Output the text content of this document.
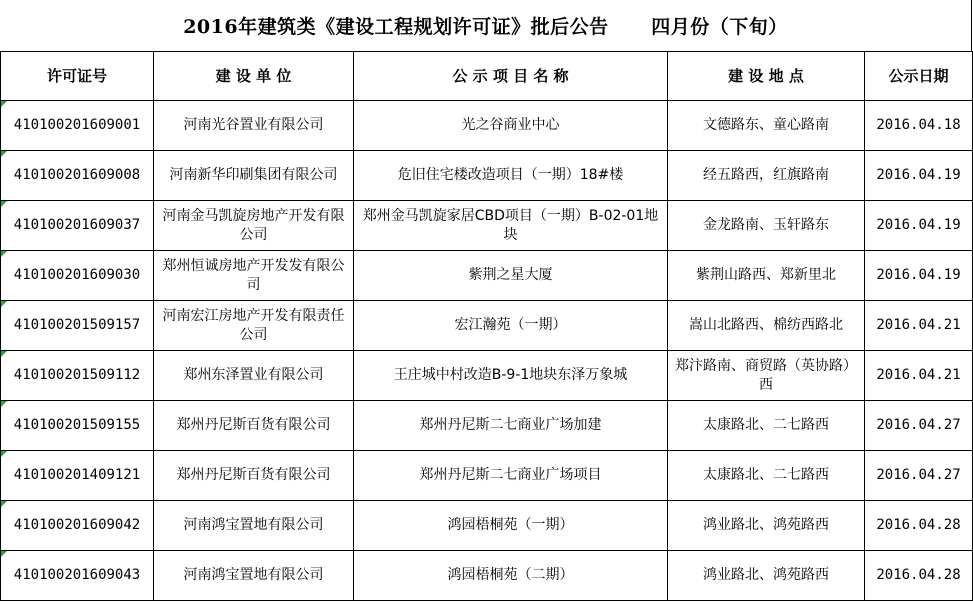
2016年建筑类《建设工程规划许可证》批后公告      四月份（下旬）
许可证号	建 设 单 位	公 示 项 目 名 称	建 设 地 点	公示日期
410100201609001	河南光谷置业有限公司	光之谷商业中心	文德路东、童心路南	2016.04.18
410100201609008	河南新华印刷集团有限公司	危旧住宅楼改造项目（一期）18#楼	经五路西，红旗路南	2016.04.19
410100201609037	河南金马凯旋房地产开发有限公司	郑州金马凯旋家居CBD项目（一期）B-02-01地块	金龙路南、玉轩路东	2016.04.19
410100201609030	郑州恒诚房地产开发发有限公司	紫荆之星大厦	紫荆山路西、郑新里北	2016.04.19
410100201509157	河南宏江房地产开发有限责任公司	宏江瀚苑（一期）	嵩山北路西、棉纺西路北	2016.04.21
410100201509112	郑州东泽置业有限公司	王庄城中村改造B-9-1地块东泽万象城	郑汴路南、商贸路（英协路）西	2016.04.21
410100201509155	郑州丹尼斯百货有限公司	郑州丹尼斯二七商业广场加建	太康路北、二七路西	2016.04.27
410100201409121	郑州丹尼斯百货有限公司	郑州丹尼斯二七商业广场项目	太康路北、二七路西	2016.04.27
410100201609042	河南鸿宝置地有限公司	鸿园梧桐苑（一期）	鸿业路北、鸿苑路西	2016.04.28
410100201609043	河南鸿宝置地有限公司	鸿园梧桐苑（二期）	鸿业路北、鸿苑路西	2016.04.28
